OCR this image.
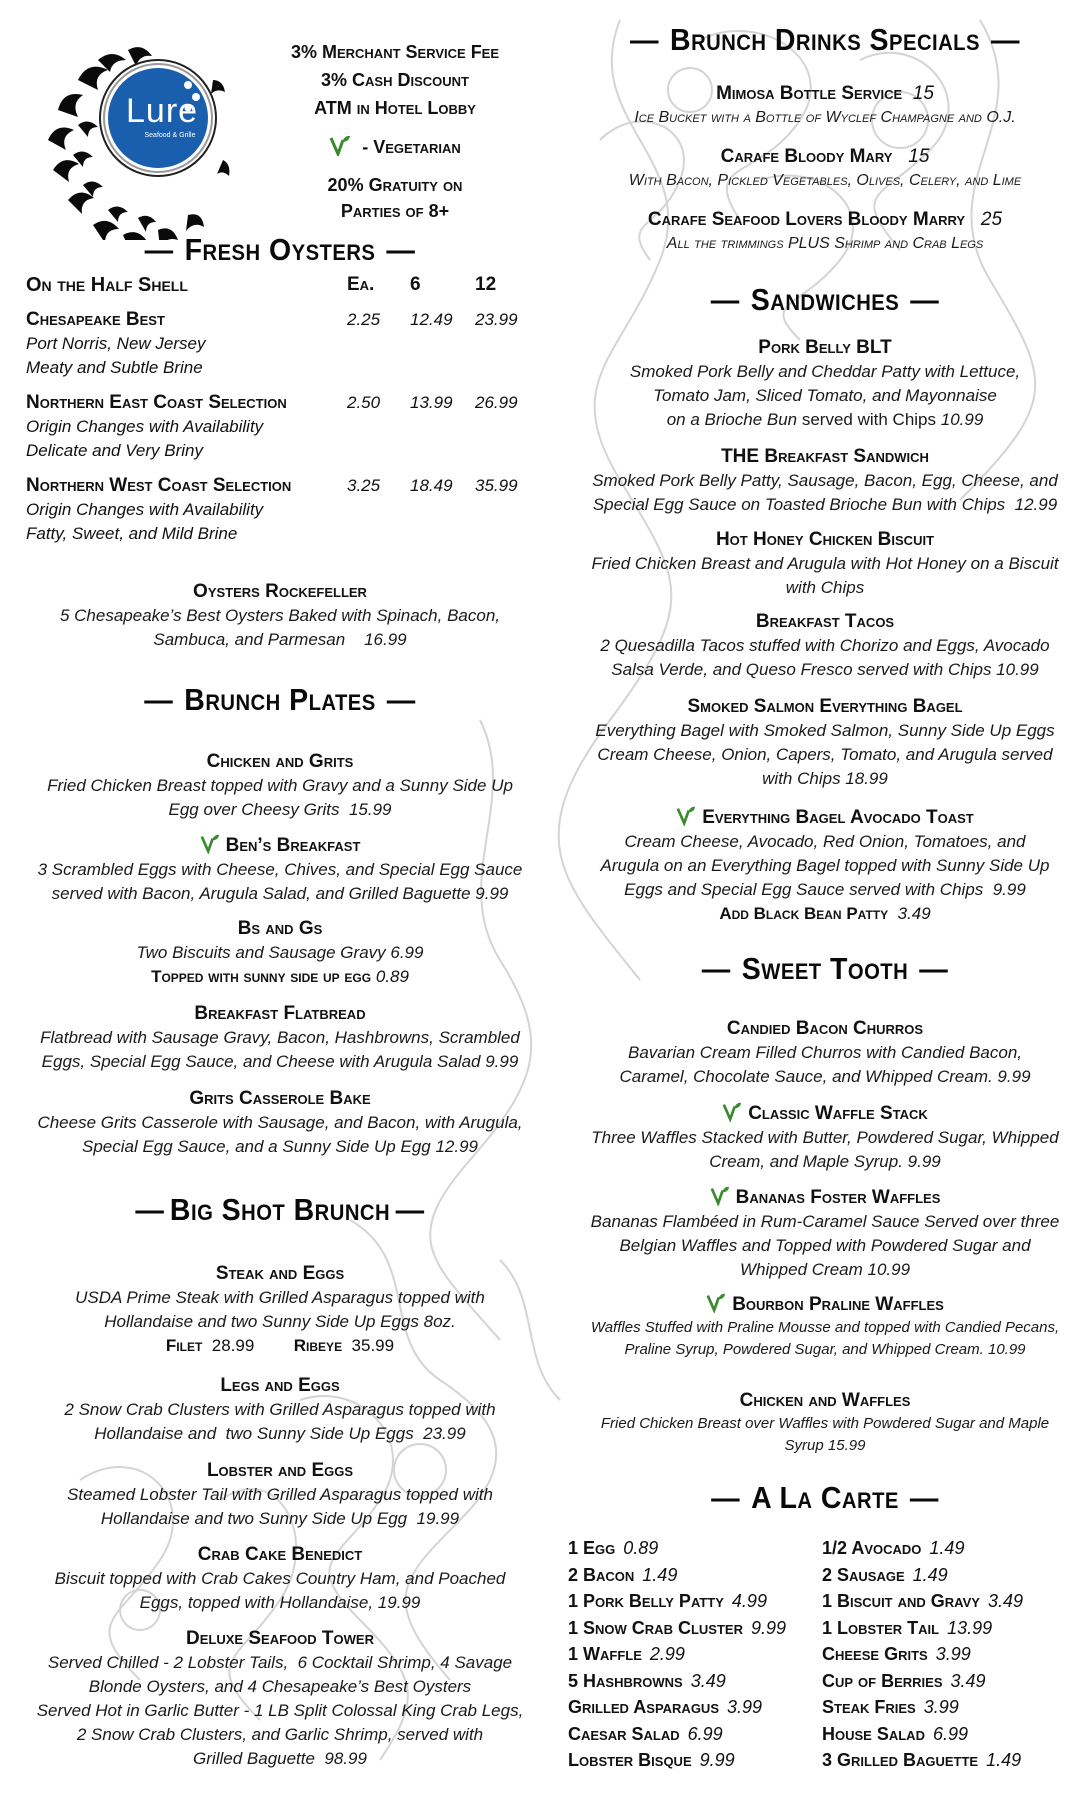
Lure
Seafood & Grille
3% Merchant Service Fee
3% Cash Discount
ATM in Hotel Lobby
- Vegetarian
20% Gratuity on
Parties of 8+
— Fresh Oysters —
On the Half Shell	Ea. 6	12
Chesapeake Best
Port Norris, New Jersey
Meaty and Subtle Brine
2.25 12.49 23.99
Northern East Coast Selection
Origin Changes with Availability
Delicate and Very Briny
2.50 13.99 26.99
Northern West Coast Selection
Origin Changes with Availability
Fatty, Sweet, and Mild Brine
3.25 18.49 35.99
Oysters Rockefeller
5 Chesapeake’s Best Oysters Baked with Spinach, Bacon,
Sambuca, and Parmesan    16.99
— Brunch Plates —
Chicken and Grits
Fried Chicken Breast topped with Gravy and a Sunny Side Up
Egg over Cheesy Grits  15.99
Ben’s Breakfast
3 Scrambled Eggs with Cheese, Chives, and Special Egg Sauce
served with Bacon, Arugula Salad, and Grilled Baguette 9.99
Bs and Gs
Two Biscuits and Sausage Gravy 6.99
Topped with sunny side up egg 0.89
Breakfast Flatbread
Flatbread with Sausage Gravy, Bacon, Hashbrowns, Scrambled
Eggs, Special Egg Sauce, and Cheese with Arugula Salad 9.99
Grits Casserole Bake
Cheese Grits Casserole with Sausage, and Bacon, with Arugula,
Special Egg Sauce, and a Sunny Side Up Egg 12.99
— Big Shot Brunch —
Steak and Eggs
USDA Prime Steak with Grilled Asparagus topped with
Hollandaise and two Sunny Side Up Eggs 8oz.
Filet 28.99 Ribeye 35.99
Legs and Eggs
2 Snow Crab Clusters with Grilled Asparagus topped with
Hollandaise and  two Sunny Side Up Eggs  23.99
Lobster and Eggs
Steamed Lobster Tail with Grilled Asparagus topped with
Hollandaise and two Sunny Side Up Egg  19.99
Crab Cake Benedict
Biscuit topped with Crab Cakes Country Ham, and Poached
Eggs, topped with Hollandaise, 19.99
Deluxe Seafood Tower
Served Chilled - 2 Lobster Tails,  6 Cocktail Shrimp, 4 Savage
Blonde Oysters, and 4 Chesapeake’s Best Oysters
Served Hot in Garlic Butter - 1 LB Split Colossal King Crab Legs,
2 Snow Crab Clusters, and Garlic Shrimp, served with
Grilled Baguette  98.99
— Brunch Drinks Specials —
Mimosa Bottle Service 15
Ice Bucket with a Bottle of Wyclef Champagne and O.J.
Carafe Bloody Mary 15
With Bacon, Pickled Vegetables, Olives, Celery, and Lime
Carafe Seafood Lovers Bloody Marry 25
All the trimmings PLUS Shrimp and Crab Legs
— Sandwiches —
Pork Belly BLT
Smoked Pork Belly and Cheddar Patty with Lettuce,
Tomato Jam, Sliced Tomato, and Mayonnaise
on a Brioche Bun served with Chips 10.99
THE Breakfast Sandwich
Smoked Pork Belly Patty, Sausage, Bacon, Egg, Cheese, and
Special Egg Sauce on Toasted Brioche Bun with Chips  12.99
Hot Honey Chicken Biscuit
Fried Chicken Breast and Arugula with Hot Honey on a Biscuit
with Chips
Breakfast Tacos
2 Quesadilla Tacos stuffed with Chorizo and Eggs, Avocado
Salsa Verde, and Queso Fresco served with Chips 10.99
Smoked Salmon Everything Bagel
Everything Bagel with Smoked Salmon, Sunny Side Up Eggs
Cream Cheese, Onion, Capers, Tomato, and Arugula served
with Chips 18.99
Everything Bagel Avocado Toast
Cream Cheese, Avocado, Red Onion, Tomatoes, and
Arugula on an Everything Bagel topped with Sunny Side Up
Eggs and Special Egg Sauce served with Chips  9.99
Add Black Bean Patty 3.49
— Sweet Tooth —
Candied Bacon Churros
Bavarian Cream Filled Churros with Candied Bacon,
Caramel, Chocolate Sauce, and Whipped Cream. 9.99
Classic Waffle Stack
Three Waffles Stacked with Butter, Powdered Sugar, Whipped
Cream, and Maple Syrup. 9.99
Bananas Foster Waffles
Bananas Flambéed in Rum-Caramel Sauce Served over three
Belgian Waffles and Topped with Powdered Sugar and
Whipped Cream 10.99
Bourbon Praline Waffles
Waffles Stuffed with Praline Mousse and topped with Candied Pecans,
Praline Syrup, Powdered Sugar, and Whipped Cream. 10.99
Chicken and Waffles
Fried Chicken Breast over Waffles with Powdered Sugar and Maple
Syrup 15.99
— A La Carte —
1 Egg 0.89
2 Bacon 1.49
1 Pork Belly Patty 4.99
1 Snow Crab Cluster 9.99
1 Waffle 2.99
5 Hashbrowns 3.49
Grilled Asparagus 3.99
Caesar Salad 6.99
Lobster Bisque 9.99
1/2 Avocado 1.49
2 Sausage 1.49
1 Biscuit and Gravy 3.49
1 Lobster Tail 13.99
Cheese Grits 3.99
Cup of Berries 3.49
Steak Fries 3.99
House Salad 6.99
3 Grilled Baguette 1.49
